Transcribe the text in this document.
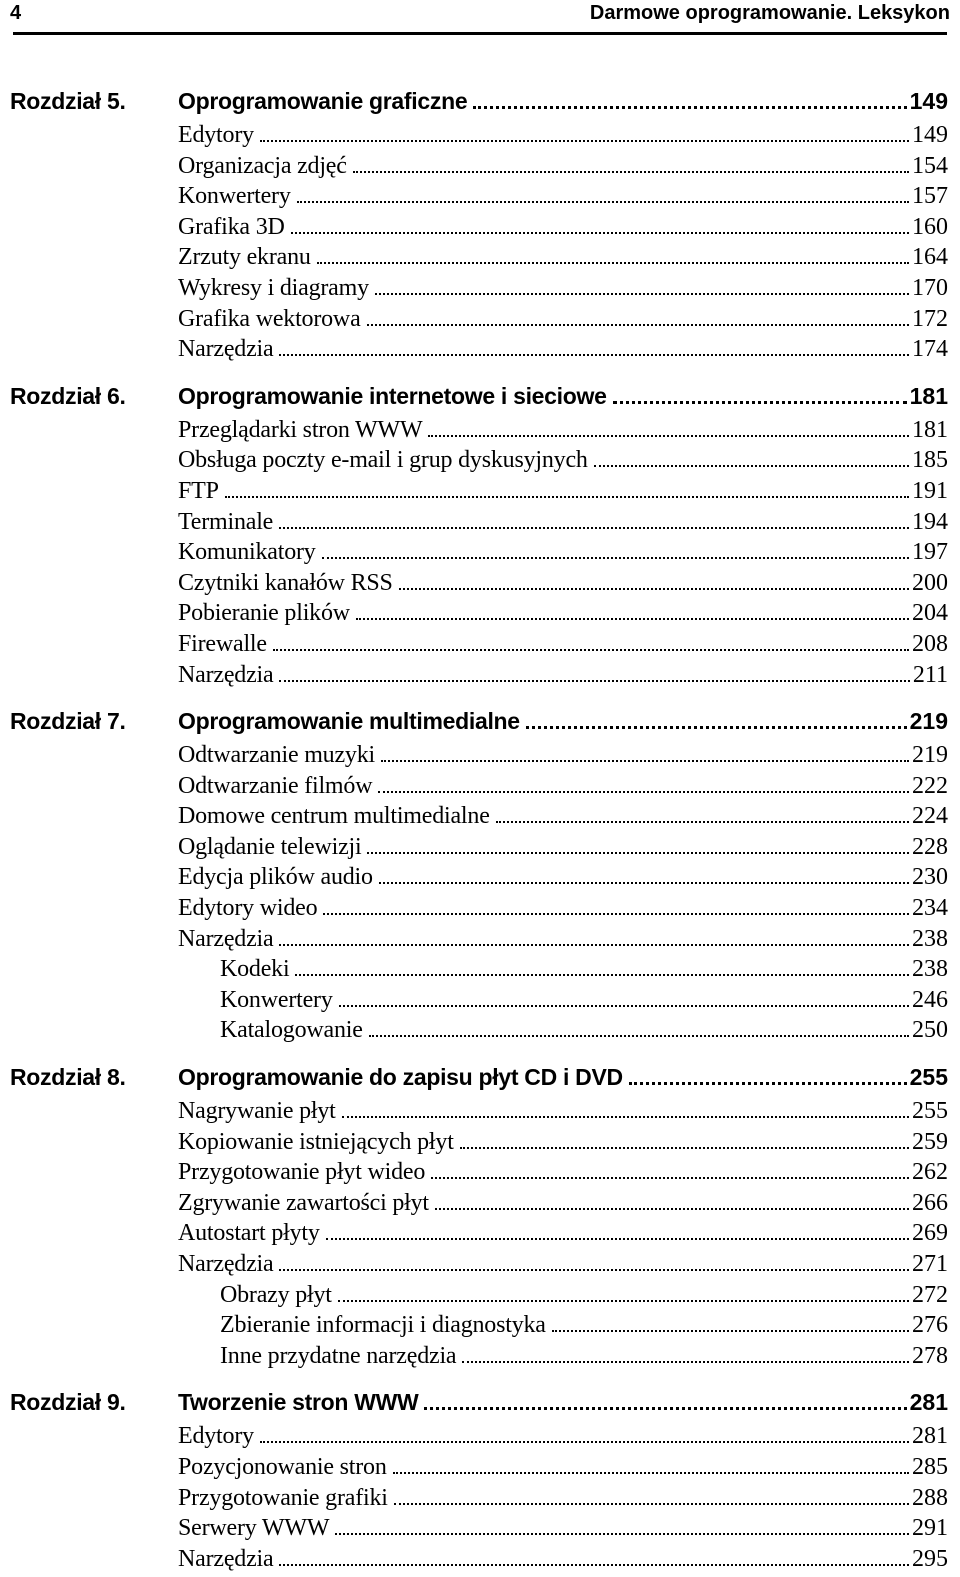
4	Darmowe oprogramowanie. Leksykon
Rozdział 5. Oprogramowanie graficzne	149
Edytory	149
Organizacja zdjęć	154
Konwertery	157
Grafika 3D	160
Zrzuty ekranu	164
Wykresy i diagramy	170
Grafika wektorowa	172
Narzędzia	174
Rozdział 6. Oprogramowanie internetowe i sieciowe	181
Przeglądarki stron WWW	181
Obsługa poczty e-mail i grup dyskusyjnych	185
FTP	191
Terminale	194
Komunikatory	197
Czytniki kanałów RSS	200
Pobieranie plików	204
Firewalle	208
Narzędzia	211
Rozdział 7. Oprogramowanie multimedialne	219
Odtwarzanie muzyki	219
Odtwarzanie filmów	222
Domowe centrum multimedialne	224
Oglądanie telewizji	228
Edycja plików audio	230
Edytory wideo	234
Narzędzia	238
Kodeki	238
Konwertery	246
Katalogowanie	250
Rozdział 8. Oprogramowanie do zapisu płyt CD i DVD	255
Nagrywanie płyt	255
Kopiowanie istniejących płyt	259
Przygotowanie płyt wideo	262
Zgrywanie zawartości płyt	266
Autostart płyty	269
Narzędzia	271
Obrazy płyt	272
Zbieranie informacji i diagnostyka	276
Inne przydatne narzędzia	278
Rozdział 9. Tworzenie stron WWW	281
Edytory	281
Pozycjonowanie stron	285
Przygotowanie grafiki	288
Serwery WWW	291
Narzędzia	295
